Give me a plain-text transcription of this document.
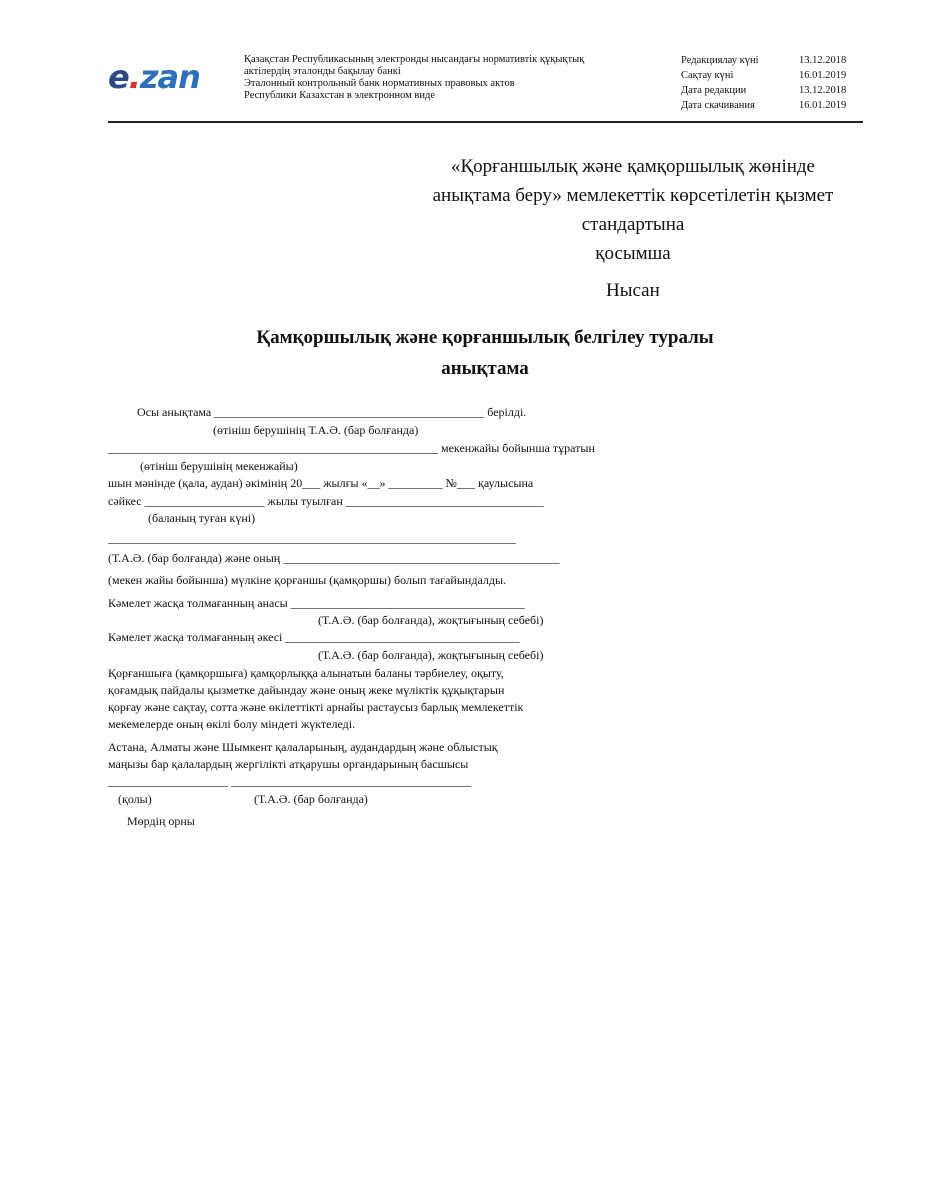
e.zan	Қазақстан Республикасының электронды нысандағы нормативтік құқықтық
актілердің эталонды бақылау банкі
Эталонный контрольный банк нормативных правовых актов
Республики Казахстан в электронном виде
Редакциялау күні	13.12.2018
Сақтау күні	16.01.2019
Дата редакции	13.12.2018
Дата скачивания	16.01.2019
«Қорғаншылық және қамқоршылық жөнінде
анықтама беру» мемлекеттік көрсетілетін қызмет
стандартына
қосымша
Нысан
Қамқоршылық және қорғаншылық белгілеу туралы
анықтама
Осы анықтама _____________________________________________ берілді.
(өтініш берушінің Т.А.Ә. (бар болғанда)
_______________________________________________________ мекенжайы бойынша тұратын
(өтініш берушінің мекенжайы)
шын мәнінде (қала, аудан) әкімінің 20___ жылғы «__» _________ №___ қаулысына
сәйкес ____________________ жылы туылған _________________________________
(баланың туған күні)
____________________________________________________________________
(Т.А.Ә. (бар болғанда) және оның ______________________________________________
(мекен жайы бойынша) мүлкіне қорғаншы (қамқоршы) болып тағайындалды.
Кәмелет жасқа толмағанның анасы _______________________________________
(Т.А.Ә. (бар болғанда), жоқтығының себебі)
Кәмелет жасқа толмағанның әкесі _______________________________________
(Т.А.Ә. (бар болғанда), жоқтығының себебі)
Қорғаншыға (қамқоршыға) қамқорлыққа алынатын баланы тәрбиелеу, оқыту,
қоғамдық пайдалы қызметке дайындау және оның жеке мүліктік құқықтарын
қорғау және сақтау, сотта және өкілеттікті арнайы растаусыз барлық мемлекеттік
мекемелерде оның өкілі болу міндеті жүктеледі.
Астана, Алматы және Шымкент қалаларының, аудандардың және облыстық
маңызы бар қалалардың жергілікті атқарушы органдарының басшысы
____________________ ________________________________________
(қолы)	(Т.А.Ә. (бар болғанда)
Мөрдің орны
